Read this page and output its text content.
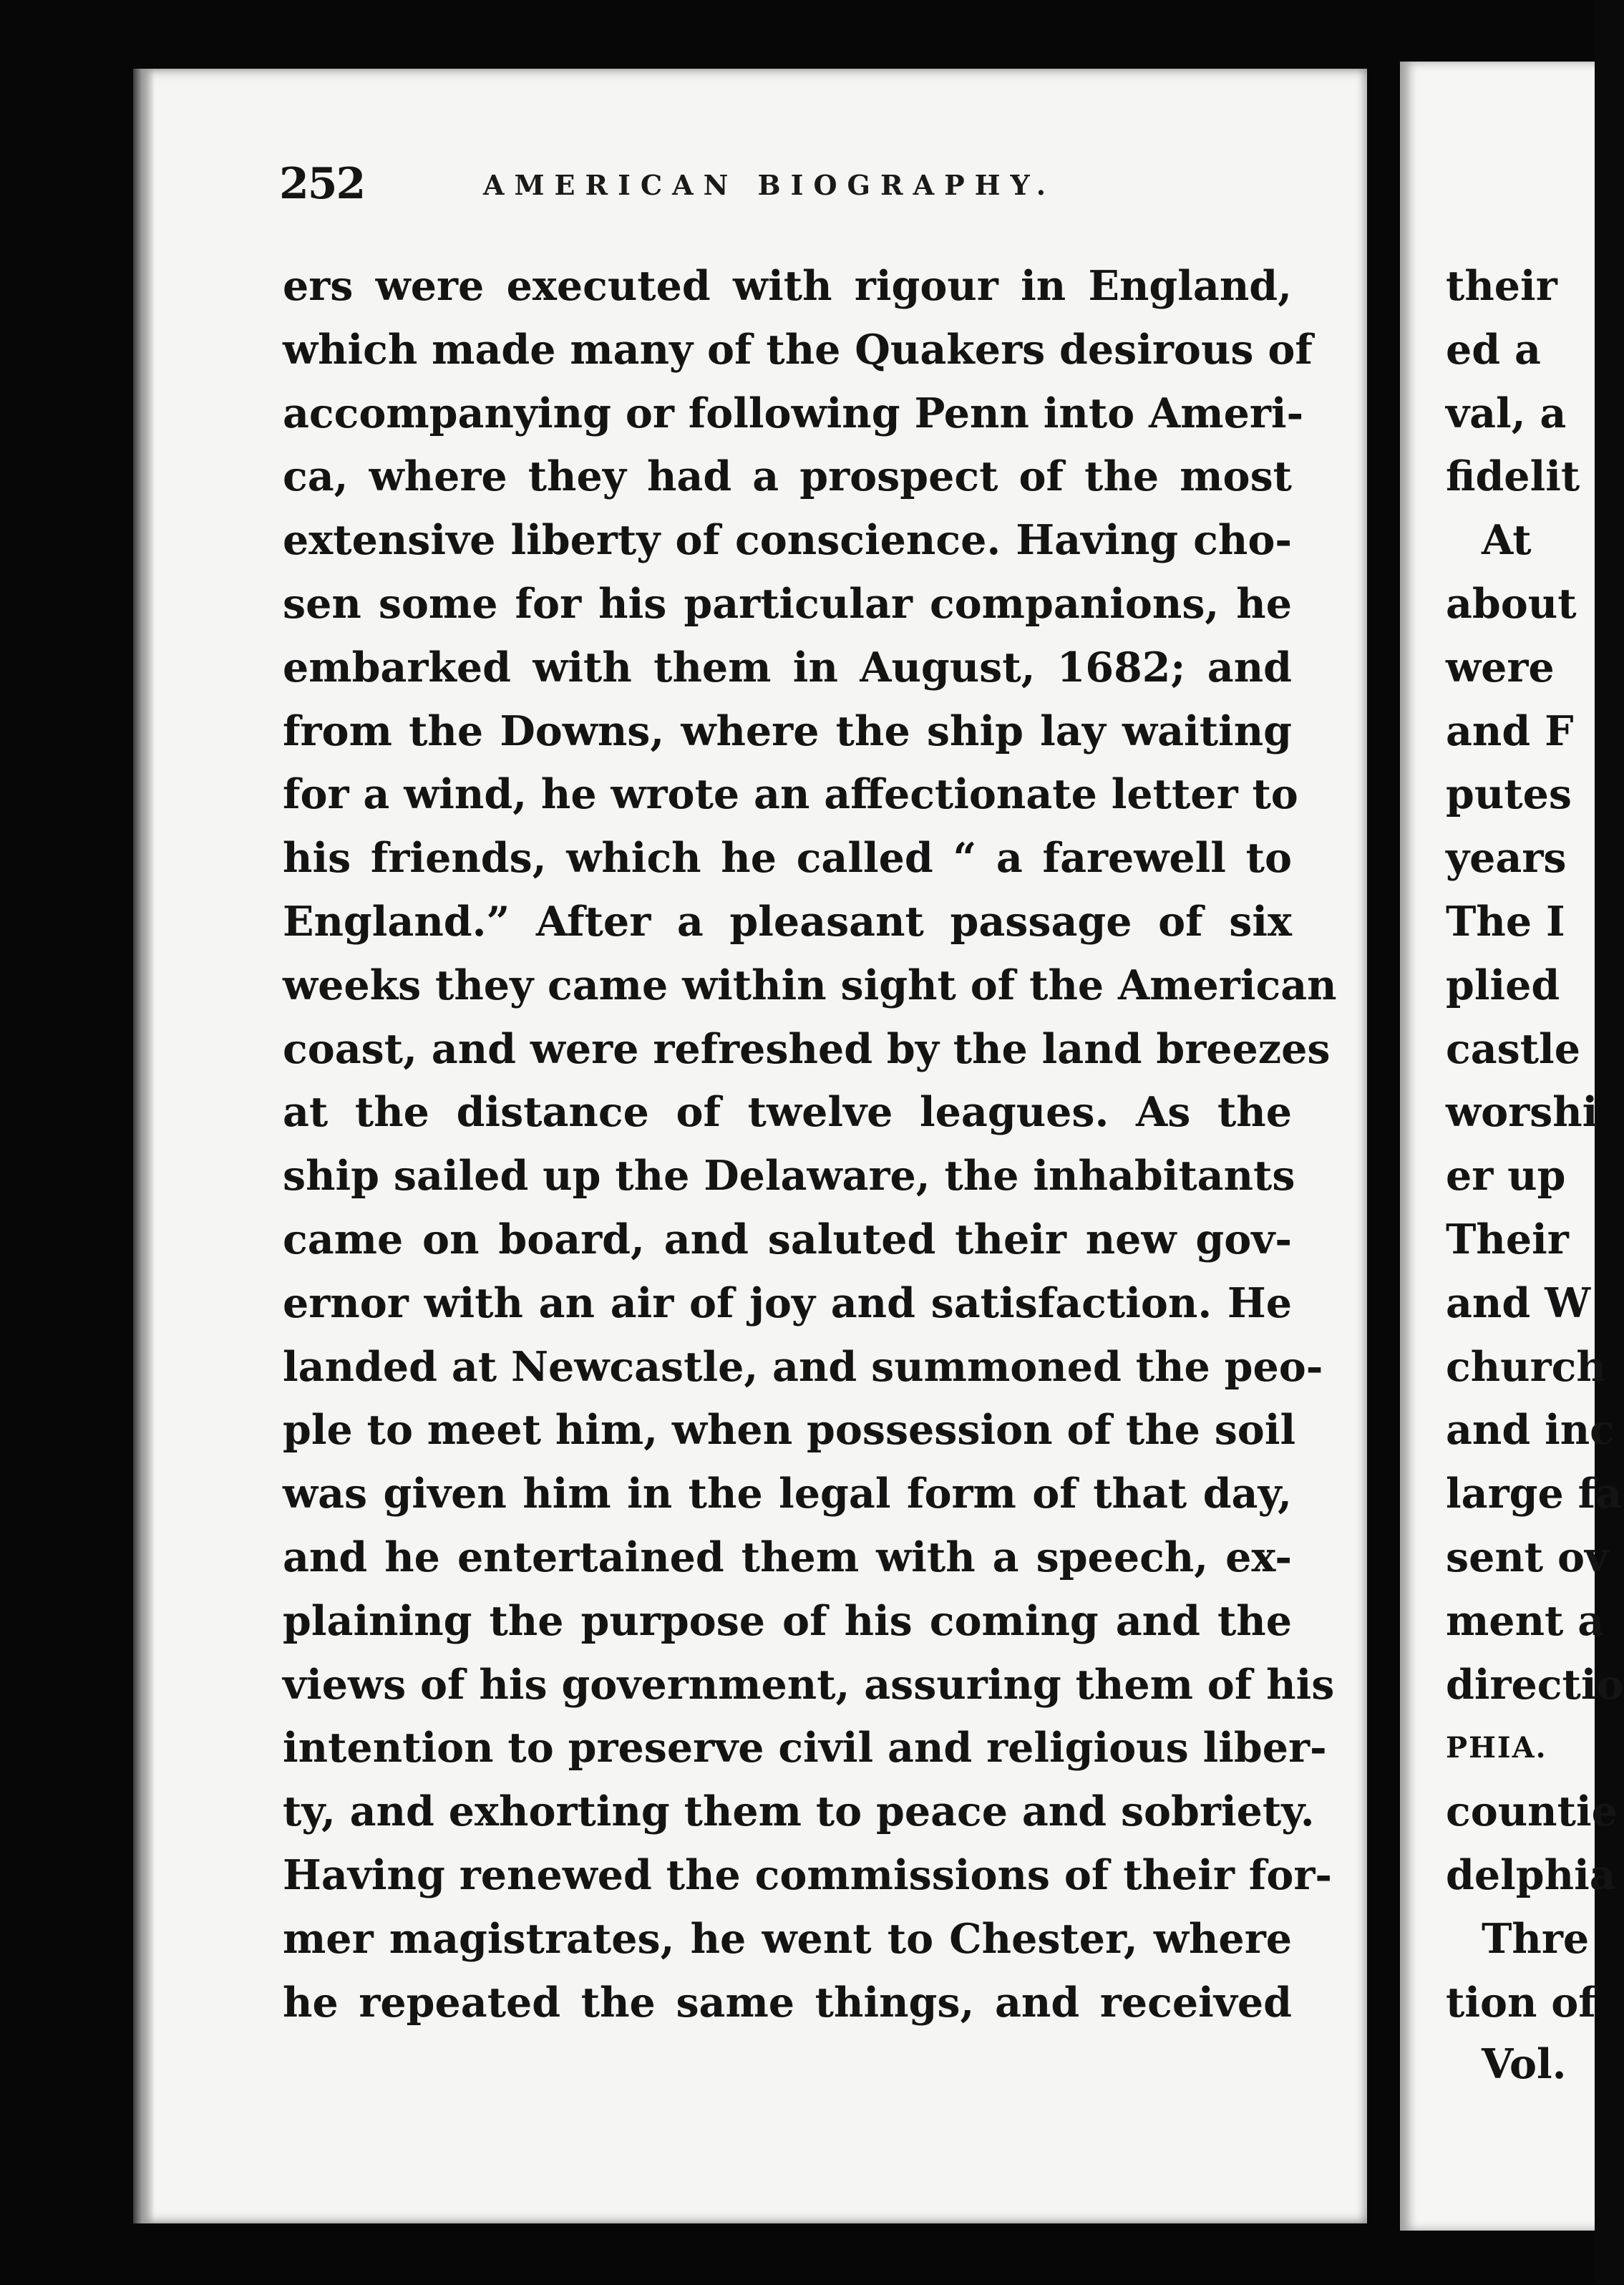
252	AMERICAN BIOGRAPHY.
ers were executed with rigour in England,
which made many of the Quakers desirous of
accompanying or following Penn into Ameri-
ca, where they had a prospect of the most
extensive liberty of conscience. Having cho-
sen some for his particular companions, he
embarked with them in August, 1682; and
from the Downs, where the ship lay waiting
for a wind, he wrote an affectionate letter to
his friends, which he called “ a farewell to
England.” After a pleasant passage of six
weeks they came within sight of the American
coast, and were refreshed by the land breezes
at the distance of twelve leagues. As the
ship sailed up the Delaware, the inhabitants
came on board, and saluted their new gov-
ernor with an air of joy and satisfaction. He
landed at Newcastle, and summoned the peo-
ple to meet him, when possession of the soil
was given him in the legal form of that day,
and he entertained them with a speech, ex-
plaining the purpose of his coming and the
views of his government, assuring them of his
intention to preserve civil and religious liber-
ty, and exhorting them to peace and sobriety.
Having renewed the commissions of their for-
mer magistrates, he went to Chester, where
he repeated the same things, and received
their
ed a
val, a
fidelit
At
about
were
and F
putes
years
The I
plied
castle
worshi
er up
Their
and W
church
and inc
large fa
sent ov
ment a
directio
PHIA.
countie
delphia
Thre
tion of
Vol.
